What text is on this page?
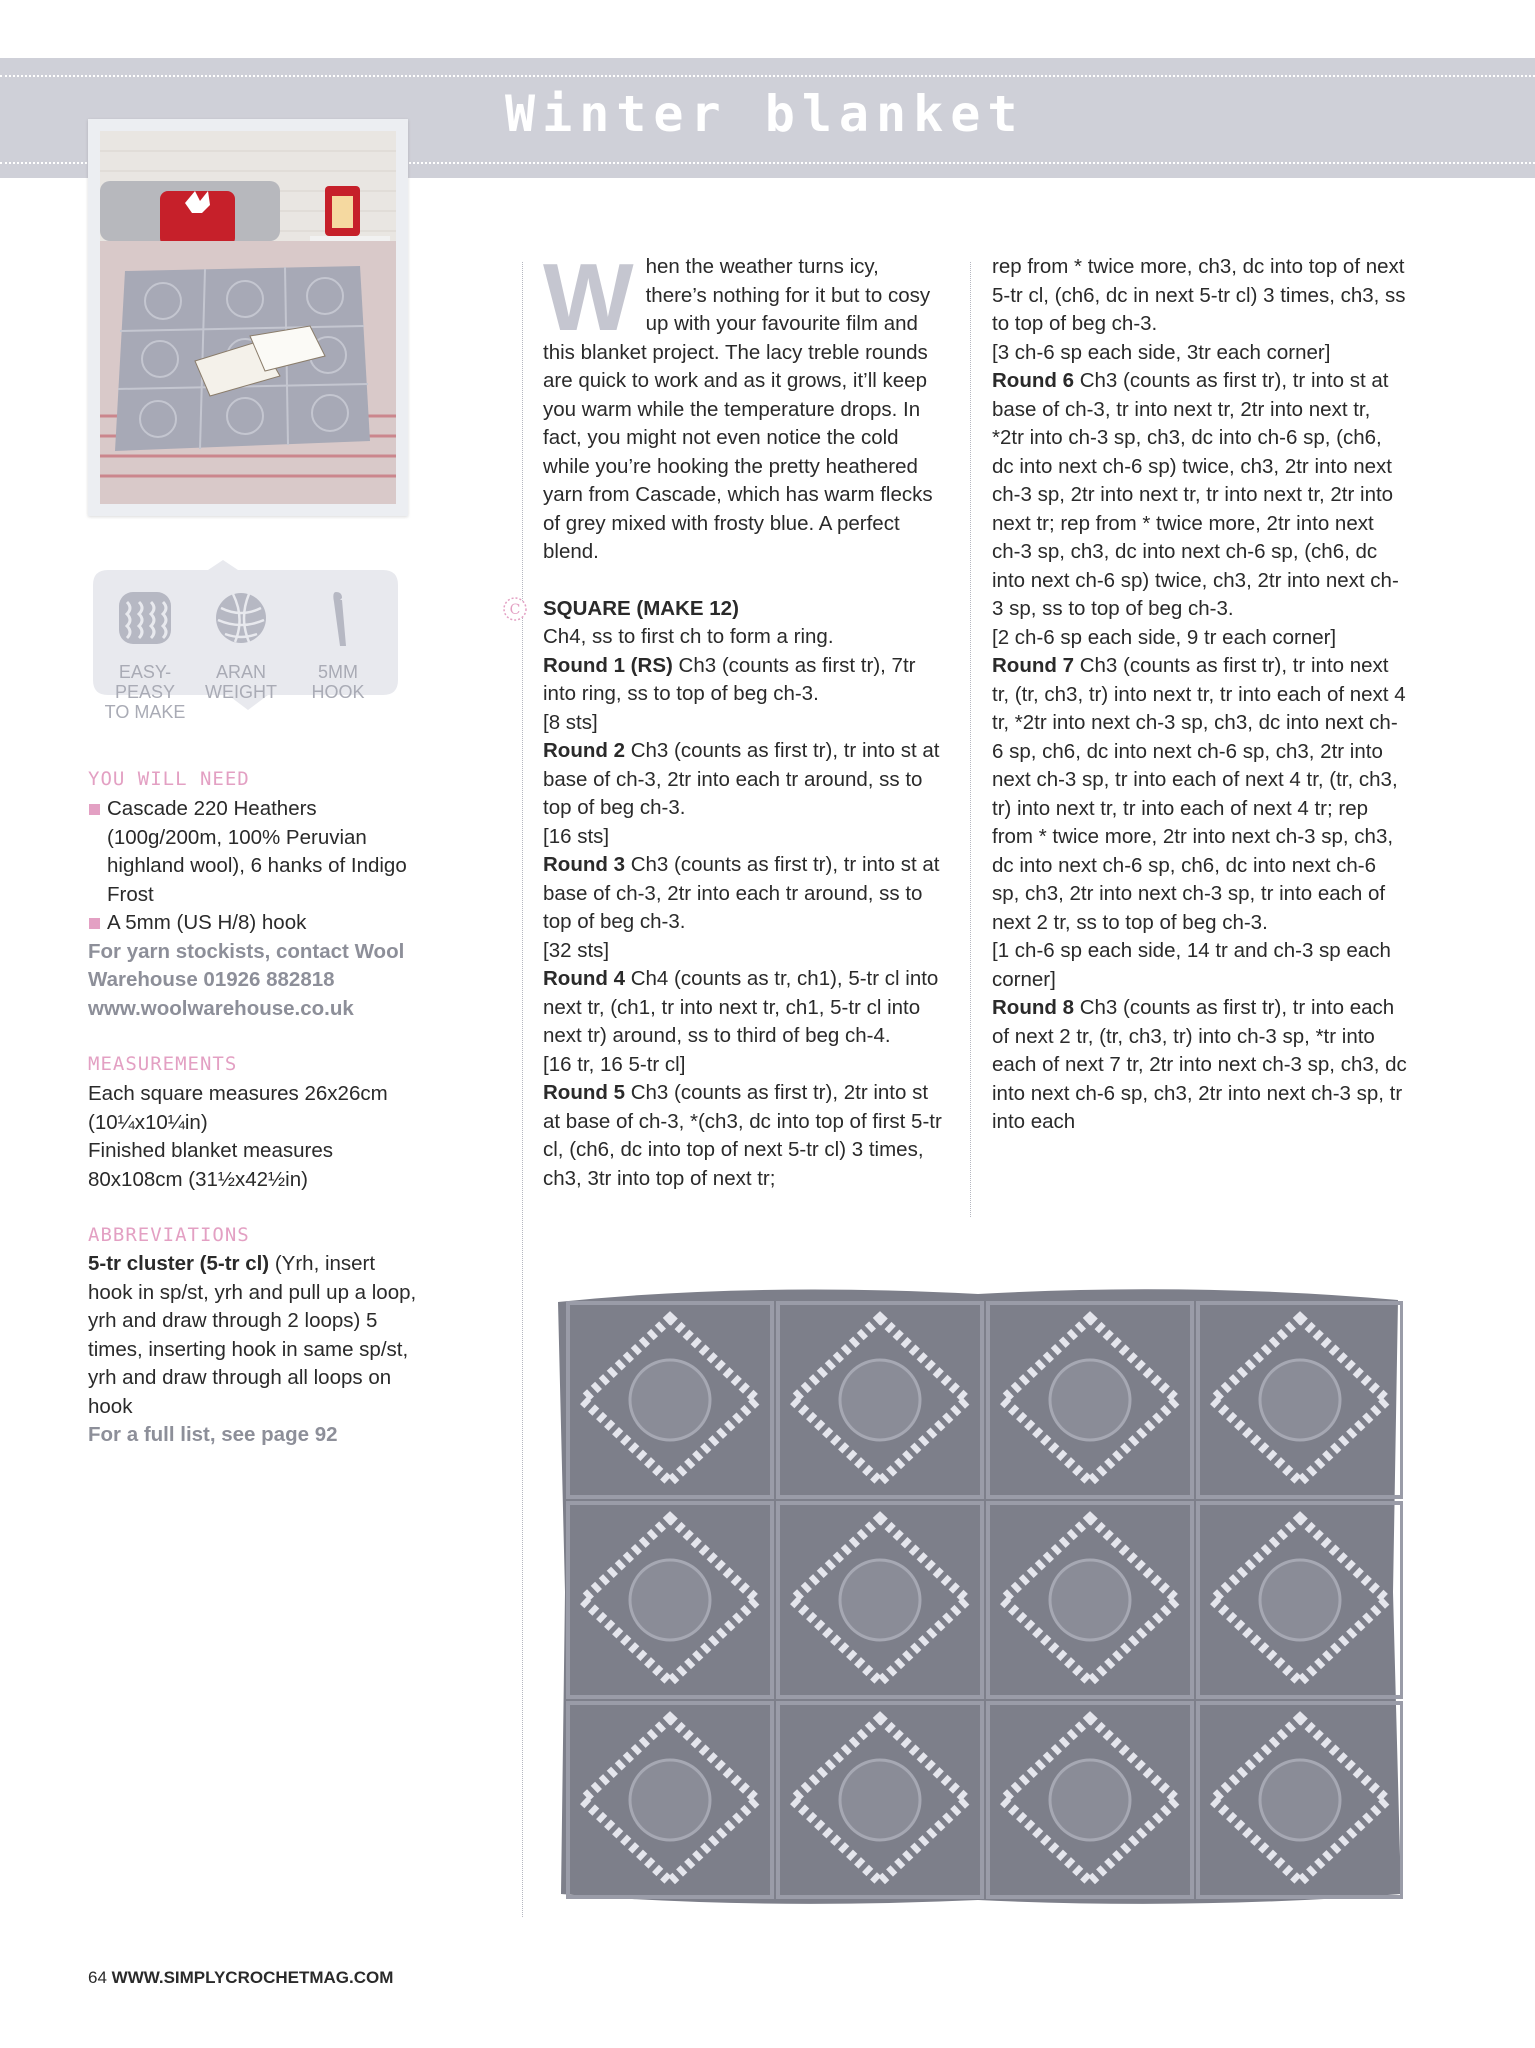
Winter blanket
EASY-PEASY
TO MAKE
ARAN
WEIGHT
5MM
HOOK
YOU WILL NEED

Cascade 220 Heathers (100g/200m, 100% Peruvian highland wool), 6 hanks of Indigo Frost

A 5mm (US H/8) hook

For yarn stockists, contact Wool Warehouse 01926 882818 www.woolwarehouse.co.uk

MEASUREMENTS

Each square measures 26x26cm (10¼x10¼in)

Finished blanket measures 80x108cm (31½x42½in)

ABBREVIATIONS

5-tr cluster (5-tr cl) (Yrh, insert hook in sp/st, yrh and pull up a loop, yrh and draw through 2 loops) 5 times, inserting hook in same sp/st, yrh and draw through all loops on hook

For a full list, see page 92

C

When the weather turns icy, there’s nothing for it but to cosy up with your favourite film and this blanket project. The lacy treble rounds are quick to work and as it grows, it’ll keep you warm while the temperature drops. In fact, you might not even notice the cold while you’re hooking the pretty heathered yarn from Cascade, which has warm flecks of grey mixed with frosty blue. A perfect blend.

SQUARE (MAKE 12)

Ch4, ss to first ch to form a ring.

Round 1 (RS) Ch3 (counts as first tr), 7tr into ring, ss to top of beg ch-3.

[8 sts]

Round 2 Ch3 (counts as first tr), tr into st at base of ch-3, 2tr into each tr around, ss to top of beg ch-3.

[16 sts]

Round 3 Ch3 (counts as first tr), tr into st at base of ch-3, 2tr into each tr around, ss to top of beg ch-3.

[32 sts]

Round 4 Ch4 (counts as tr, ch1), 5-tr cl into next tr, (ch1, tr into next tr, ch1, 5-tr cl into next tr) around, ss to third of beg ch-4.

[16 tr, 16 5-tr cl]

Round 5 Ch3 (counts as first tr), 2tr into st at base of ch-3, *(ch3, dc into top of first 5-tr cl, (ch6, dc into top of next 5-tr cl) 3 times, ch3, 3tr into top of next tr;

rep from * twice more, ch3, dc into top of next 5-tr cl, (ch6, dc in next 5-tr cl) 3 times, ch3, ss to top of beg ch-3.

[3 ch-6 sp each side, 3tr each corner]

Round 6 Ch3 (counts as first tr), tr into st at base of ch-3, tr into next tr, 2tr into next tr, *2tr into ch-3 sp, ch3, dc into ch-6 sp, (ch6, dc into next ch-6 sp) twice, ch3, 2tr into next ch-3 sp, 2tr into next tr, tr into next tr, 2tr into next tr; rep from * twice more, 2tr into next ch-3 sp, ch3, dc into next ch-6 sp, (ch6, dc into next ch-6 sp) twice, ch3, 2tr into next ch-3 sp, ss to top of beg ch-3.

[2 ch-6 sp each side, 9 tr each corner]

Round 7 Ch3 (counts as first tr), tr into next tr, (tr, ch3, tr) into next tr, tr into each of next 4 tr, *2tr into next ch-3 sp, ch3, dc into next ch-6 sp, ch6, dc into next ch-6 sp, ch3, 2tr into next ch-3 sp, tr into each of next 4 tr, (tr, ch3, tr) into next tr, tr into each of next 4 tr; rep from * twice more, 2tr into next ch-3 sp, ch3, dc into next ch-6 sp, ch6, dc into next ch-6 sp, ch3, 2tr into next ch-3 sp, tr into each of next 2 tr, ss to top of beg ch-3.

[1 ch-6 sp each side, 14 tr and ch-3 sp each corner]

Round 8 Ch3 (counts as first tr), tr into each of next 2 tr, (tr, ch3, tr) into ch-3 sp, *tr into each of next 7 tr, 2tr into next ch-3 sp, ch3, dc into next ch-6 sp, ch3, 2tr into next ch-3 sp, tr into each

64 WWW.SIMPLYCROCHETMAG.COM
